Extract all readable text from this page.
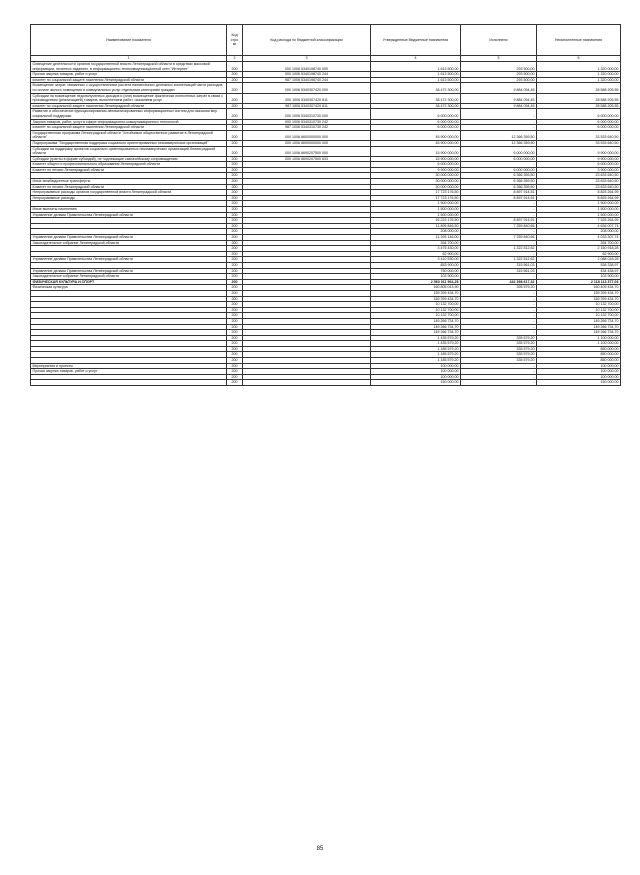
Наименование показателя	Код стро ки	Код расхода по бюджетной классификации	Утвержденные бюджетные назначения	Исполнено	Неисполненные назначения
1	2	3	4	5	6
Освещение деятельности органов государственной власти Ленинградской области в средствах массовой информации, печатных изданиях, в информационно-телекоммуникационной сети "Интернет"	200	000 1006 5340198740 000	1 613 500,00	293 500,00	1 320 000,00
Прочая закупка товаров, работ и услуг	200	000 1006 5340198740 244	1 613 500,00	293 500,00	1 320 000,00
комитет по социальной защите населения Ленинградской области	200	987 1006 5340198740 244	1 613 500,00	293 500,00	1 320 000,00
Возмещение затрат, связанных с осуществлением расчета ежемесячных денежных компенсаций части расходов по оплате жилого помещения и коммунальных услуг отдельным категориям граждан	200	000 1006 5340307420 000	38 472 300,00	9 884 094,45	28 588 205,55
Субсидии на возмещение недополученных доходов и (или) возмещение фактически понесенных затрат в связи с производством (реализацией) товаров, выполнением работ, оказанием услуг	200	000 1006 5340307420 811	38 472 300,00	9 884 094,45	28 588 205,55
комитет по социальной защите населения Ленинградской области	200	987 1006 5340307420 811	38 472 300,00	9 884 094,45	28 588 205,55
Развитие и обеспечение функционирования автоматизированных информационных систем для оказания мер социальной поддержки	200	000 1006 5340310730 000	6 000 000,00	-	6 000 000,00
Закупка товаров, работ, услуг в сфере информационно-коммуникационных технологий	200	000 1006 5340310730 242	6 000 000,00	-	6 000 000,00
комитет по социальной защите населения Ленинградской области	200	987 1006 5340310730 242	6 000 000,00	-	6 000 000,00
Государственная программа Ленинградской области "Устойчивое общественное развитие в Ленинградской области"	200	000 1006 6600000000 000	45 900 000,00	12 366 359,50	33 533 640,50
Подпрограмма "Государственная поддержка социально ориентированных некоммерческих организаций"	200	000 1006 6690000000 000	45 900 000,00	12 366 359,50	33 533 640,50
Субсидии на поддержку проектов социально ориентированных некоммерческих организаций Ленинградской области	200	000 1006 6690207500 000	15 900 000,00	6 000 000,00	9 900 000,00
Субсидии (гранты в форме субсидий), не подлежащие казначейскому сопровождению	200	000 1006 6690207500 633	15 900 000,00	6 000 000,00	9 900 000,00
Комитет общего и профессионального образования Ленинградской области	200		6 000 000,00	-	6 000 000,00
Комитет по печати Ленинградской области	200		9 900 000,00	6 000 000,00	3 900 000,00
	200		30 000 000,00	6 366 359,50	23 633 640,50
Иные межбюджетные трансферты	200		30 000 000,00	6 366 359,50	23 633 640,50
Комитет по печати Ленинградской области	200		30 000 000,00	6 366 359,50	23 633 640,50
Непрограммные расходы органов государственной власти Ленинградской области	200		17 723 176,50	8 897 914,51	8 825 264,99
Непрограммные расходы	200		17 723 176,50	8 897 914,51	8 825 264,99
	200		1 500 000,00	-	1 500 000,00
Иные выплаты населению	200		1 500 000,00	-	1 500 000,00
Управление делами Правительства Ленинградской области	200		1 500 000,00	-	1 500 000,00
	200		16 223 176,50	8 897 914,51	7 325 264,99
	200		11 895 846,50	7 259 840,66	4 636 007,74
	200		208 000,00	-	208 000,00
Управление делами Правительства Ленинградской области	200		11 293 146,00	7 259 840,66	4 033 307,74
Законодательное собрание Ленинградской области	200		394 700,00	-	394 700,00
	200		3 475 430,00	1 322 512,62	2 150 918,28
	200		62 900,00	-	62 900,00
Управление делами Правительства Ленинградской области	200		3 410 530,00	1 322 512,62	2 088 018,28
	200		853 900,00	315 561,03	538 338,97
Управление делами Правительства Ленинградской области	200		750 000,00	315 561,03	434 438,97
Законодательное собрание Ленинградской области	200		103 900,00	-	103 900,00
ФИЗИЧЕСКАЯ КУЛЬТУРА И СПОРТ	200		2 560 011 964,25	442 398 617,32	2 118 113 377,03
Физическая культура	200		160 805 013,90	395 579,20	160 409 434,70
	200		159 399 434,70	-	159 399 434,70
	200		159 399 434,70	-	159 399 434,70
	200		10 132 700,00	-	10 132 700,00
	200		10 132 700,00	-	10 132 700,00
	200		10 132 700,00	-	10 132 700,00
	200		149 266 734,70	-	149 266 734,70
	200		149 266 734,70	-	149 266 734,70
	200		149 266 734,70	-	149 266 734,70
	200		1 435 579,20	335 579,20	1 100 000,00
	200		1 435 579,20	335 579,20	1 100 000,00
	200		1 185 579,20	335 579,20	850 000,00
	200		1 185 579,20	335 579,20	850 000,00
	200		1 185 579,20	335 579,20	850 000,00
Мероприятия и проекты	200		100 000,00	-	100 000,00
Прочая закупка товаров, работ и услуг	200		100 000,00	-	100 000,00
	200		100 000,00	-	100 000,00
	200		150 000,00	-	150 000,00
85
